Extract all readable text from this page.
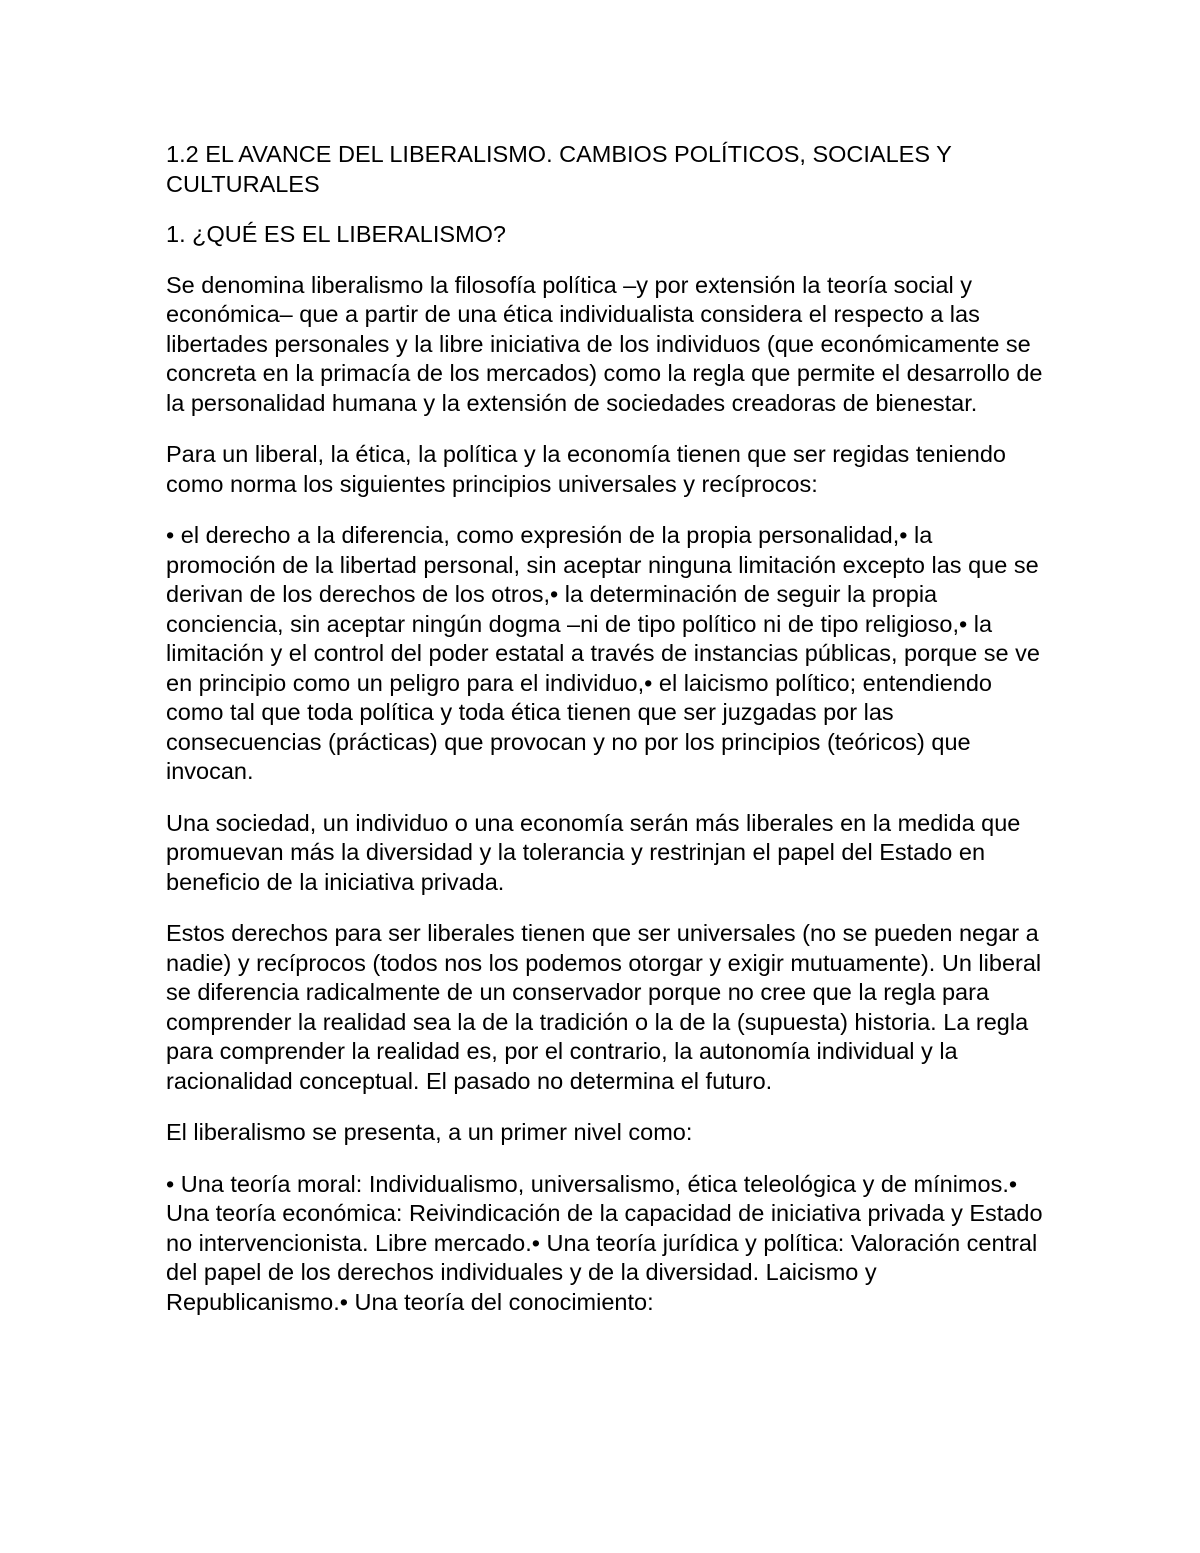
1.2 EL AVANCE DEL LIBERALISMO. CAMBIOS POLÍTICOS, SOCIALES Y CULTURALES

1. ¿QUÉ ES EL LIBERALISMO?

Se denomina liberalismo la filosofía política –y por extensión la teoría social y económica– que a partir de una ética individualista considera el respecto a las libertades personales y la libre iniciativa de los individuos (que económicamente se concreta en la primacía de los mercados) como la regla que permite el desarrollo de la personalidad humana y la extensión de sociedades creadoras de bienestar.

Para un liberal, la ética, la política y la economía tienen que ser regidas teniendo como norma los siguientes principios universales y recíprocos:

• el derecho a la diferencia, como expresión de la propia personalidad,• la promoción de la libertad personal, sin aceptar ninguna limitación excepto las que se derivan de los derechos de los otros,• la determinación de seguir la propia conciencia, sin aceptar ningún dogma –ni de tipo político ni de tipo religioso,• la limitación y el control del poder estatal a través de instancias públicas, porque se ve en principio como un peligro para el individuo,• el laicismo político; entendiendo como tal que toda política y toda ética tienen que ser juzgadas por las consecuencias (prácticas) que provocan y no por los principios (teóricos) que invocan.

Una sociedad, un individuo o una economía serán más liberales en la medida que promuevan más la diversidad y la tolerancia y restrinjan el papel del Estado en beneficio de la iniciativa privada.

Estos derechos para ser liberales tienen que ser universales (no se pueden negar a nadie) y recíprocos (todos nos los podemos otorgar y exigir mutuamente). Un liberal se diferencia radicalmente de un conservador porque no cree que la regla para comprender la realidad sea la de la tradición o la de la (supuesta) historia. La regla para comprender la realidad es, por el contrario, la autonomía individual y la racionalidad conceptual. El pasado no determina el futuro.

El liberalismo se presenta, a un primer nivel como:

• Una teoría moral: Individualismo, universalismo, ética teleológica y de mínimos.• Una teoría económica: Reivindicación de la capacidad de iniciativa privada y Estado no intervencionista. Libre mercado.• Una teoría jurídica y política: Valoración central del papel de los derechos individuales y de la diversidad. Laicismo y Republicanismo.• Una teoría del conocimiento:
